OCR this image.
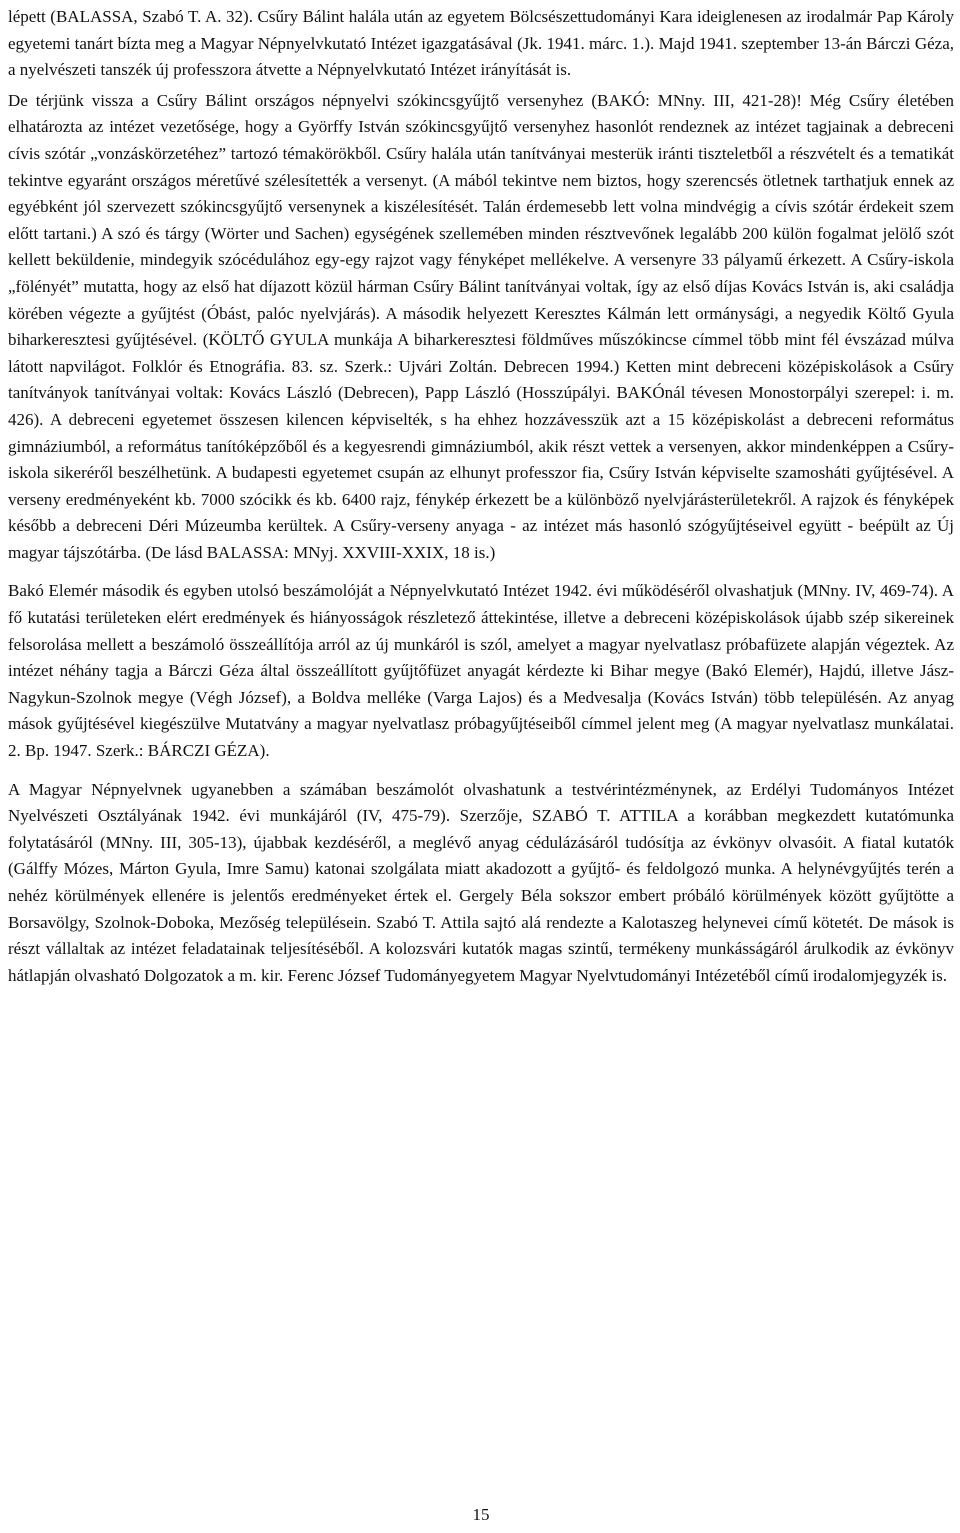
lépett (BALASSA, Szabó T. A. 32). Csűry Bálint halála után az egyetem Bölcsészettudományi Kara ideiglenesen az irodalmár Pap Károly egyetemi tanárt bízta meg a Magyar Népnyelvkutató Intézet igazgatásával (Jk. 1941. márc. 1.). Majd 1941. szeptember 13-án Bárczi Géza, a nyelvészeti tanszék új professzora átvette a Népnyelvkutató Intézet irányítását is.

De térjünk vissza a Csűry Bálint országos népnyelvi szókincsgyűjtő versenyhez (BAKÓ: MNny. III, 421-28)! Még Csűry életében elhatározta az intézet vezetősége, hogy a Györffy István szókincsgyűjtő versenyhez hasonlót rendeznek az intézet tagjainak a debreceni cívis szótár „vonzáskörzetéhez” tartozó témakörökből. Csűry halála után tanítványai mesterük iránti tiszteletből a részvételt és a tematikát tekintve egyaránt országos méretűvé szélesítették a versenyt. (A mából tekintve nem biztos, hogy szerencsés ötletnek tarthatjuk ennek az egyébként jól szervezett szókincsgyűjtő versenynek a kiszélesítését. Talán érdemesebb lett volna mindvégig a cívis szótár érdekeit szem előtt tartani.) A szó és tárgy (Wörter und Sachen) egységének szellemében minden résztvevőnek legalább 200 külön fogalmat jelölő szót kellett beküldenie, mindegyik szócédulához egy-egy rajzot vagy fényképet mellékelve. A versenyre 33 pályamű érkezett. A Csűry-iskola „fölényét” mutatta, hogy az első hat díjazott közül hárman Csűry Bálint tanítványai voltak, így az első díjas Kovács István is, aki családja körében végezte a gyűjtést (Óbást, palóc nyelvjárás). A második helyezett Keresztes Kálmán lett ormánysági, a negyedik Költő Gyula biharkeresztesi gyűjtésével. (KÖLTŐ GYULA munkája A biharkeresztesi földműves műszókincse címmel több mint fél évszázad múlva látott napvilágot. Folklór és Etnográfia. 83. sz. Szerk.: Ujvári Zoltán. Debrecen 1994.) Ketten mint debreceni középiskolások a Csűry tanítványok tanítványai voltak: Kovács László (Debrecen), Papp László (Hosszúpályi. BAKÓnál tévesen Monostorpályi szerepel: i. m. 426). A debreceni egyetemet összesen kilencen képviselték, s ha ehhez hozzávesszük azt a 15 középiskolást a debreceni református gimnáziumból, a református tanítóképzőből és a kegyesrendi gimnáziumból, akik részt vettek a versenyen, akkor mindenképpen a Csűry-iskola sikeréről beszélhetünk. A budapesti egyetemet csupán az elhunyt professzor fia, Csűry István képviselte szamosháti gyűjtésével. A verseny eredményeként kb. 7000 szócikk és kb. 6400 rajz, fénykép érkezett be a különböző nyelvjárásterületekről. A rajzok és fényképek később a debreceni Déri Múzeumba kerültek. A Csűry-verseny anyaga - az intézet más hasonló szógyűjtéseivel együtt - beépült az Új magyar tájszótárba. (De lásd BALASSA: MNyj. XXVIII-XXIX, 18 is.)

Bakó Elemér második és egyben utolsó beszámolóját a Népnyelvkutató Intézet 1942. évi működéséről olvashatjuk (MNny. IV, 469-74). A fő kutatási területeken elért eredmények és hiányosságok részletező áttekintése, illetve a debreceni középiskolások újabb szép sikereinek felsorolása mellett a beszámoló összeállítója arról az új munkáról is szól, amelyet a magyar nyelvatlasz próbafüzete alapján végeztek. Az intézet néhány tagja a Bárczi Géza által összeállított gyűjtőfüzet anyagát kérdezte ki Bihar megye (Bakó Elemér), Hajdú, illetve Jász-Nagykun-Szolnok megye (Végh József), a Boldva melléke (Varga Lajos) és a Medvesalja (Kovács István) több településén. Az anyag mások gyűjtésével kiegészülve Mutatvány a magyar nyelvatlasz próbagyűjtéseiből címmel jelent meg (A magyar nyelvatlasz munkálatai. 2. Bp. 1947. Szerk.: BÁRCZI GÉZA).

A Magyar Népnyelvnek ugyanebben a számában beszámolót olvashatunk a testvérintézménynek, az Erdélyi Tudományos Intézet Nyelvészeti Osztályának 1942. évi munkájáról (IV, 475-79). Szerzője, SZABÓ T. ATTILA a korábban megkezdett kutatómunka folytatásáról (MNny. III, 305-13), újabbak kezdéséről, a meglévő anyag cédulázásáról tudósítja az évkönyv olvasóit. A fiatal kutatók (Gálffy Mózes, Márton Gyula, Imre Samu) katonai szolgálata miatt akadozott a gyűjtő- és feldolgozó munka. A helynévgyűjtés terén a nehéz körülmények ellenére is jelentős eredményeket értek el. Gergely Béla sokszor embert próbáló körülmények között gyűjtötte a Borsavölgy, Szolnok-Doboka, Mezőség településein. Szabó T. Attila sajtó alá rendezte a Kalotaszeg helynevei című kötetét. De mások is részt vállaltak az intézet feladatainak teljesítéséből. A kolozsvári kutatók magas szintű, termékeny munkásságáról árulkodik az évkönyv hátlapján olvasható Dolgozatok a m. kir. Ferenc József Tudományegyetem Magyar Nyelvtudományi Intézetéből című irodalomjegyzék is.

15
